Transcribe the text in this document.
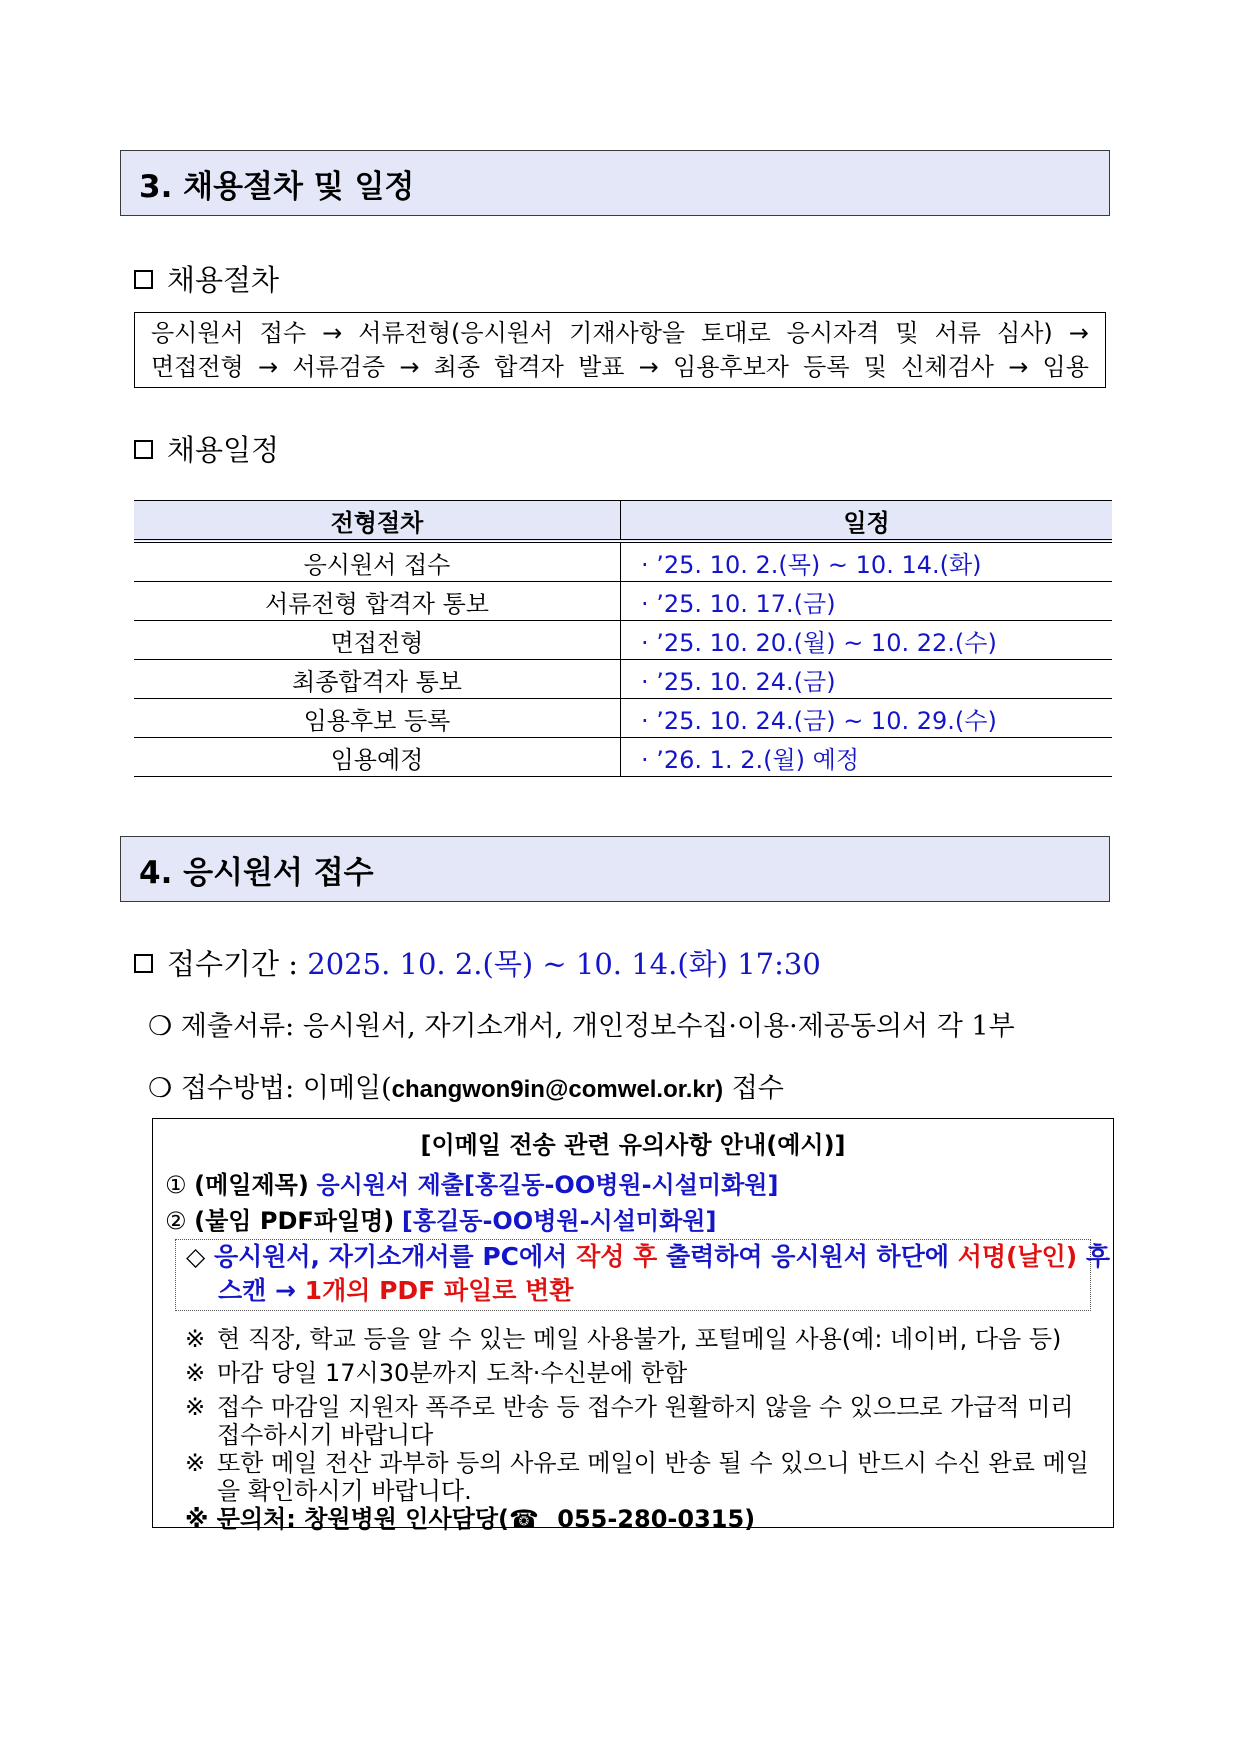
3. 채용절차 및 일정
채용절차
응시원서 접수 → 서류전형(응시원서 기재사항을 토대로 응시자격 및 서류 심사) →
면접전형 → 서류검증 → 최종 합격자 발표 → 임용후보자 등록 및 신체검사 → 임용
채용일정
전형절차	일정
응시원서 접수	· ’25. 10. 2.(목) ~ 10. 14.(화)
서류전형 합격자 통보	· ’25. 10. 17.(금)
면접전형	· ’25. 10. 20.(월) ~ 10. 22.(수)
최종합격자 통보	· ’25. 10. 24.(금)
임용후보 등록	· ’25. 10. 24.(금) ~ 10. 29.(수)
임용예정	· ’26. 1. 2.(월) 예정
4. 응시원서 접수
접수기간 : 2025. 10. 2.(목) ~ 10. 14.(화) 17:30
❍ 제출서류: 응시원서, 자기소개서, 개인정보수집·이용·제공동의서 각 1부
❍ 접수방법: 이메일(changwon9in@comwel.or.kr) 접수
[이메일 전송 관련 유의사항 안내(예시)]
① (메일제목) 응시원서 제출[홍길동-OO병원-시설미화원]
② (붙임 PDF파일명) [홍길동-OO병원-시설미화원]
◇ 응시원서, 자기소개서를 PC에서 작성 후 출력하여 응시원서 하단에 서명(날인) 후
스캔 → 1개의 PDF 파일로 변환
※ 현 직장, 학교 등을 알 수 있는 메일 사용불가, 포털메일 사용(예: 네이버, 다음 등)
※ 마감 당일 17시30분까지 도착·수신분에 한함
※ 접수 마감일 지원자 폭주로 반송 등 접수가 원활하지 않을 수 있으므로 가급적 미리 접수하시기 바랍니다
※ 또한 메일 전산 과부하 등의 사유로 메일이 반송 될 수 있으니 반드시 수신 완료 메일을 확인하시기 바랍니다.
※ 문의처: 창원병원 인사담당(☎ 055-280-0315)
